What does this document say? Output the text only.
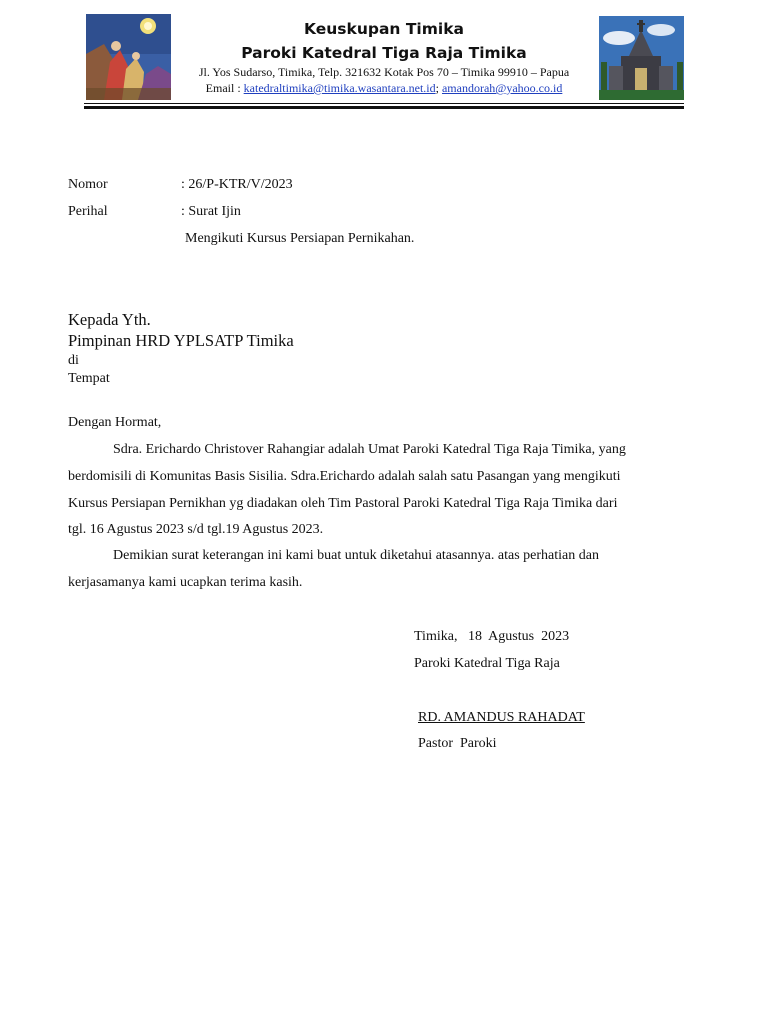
Keuskupan Timika
Paroki Katedral Tiga Raja Timika
Jl. Yos Sudarso, Timika, Telp. 321632 Kotak Pos 70 – Timika 99910 – Papua
Email : katedraltimika@timika.wasantara.net.id; amandorah@yahoo.co.id
Nomor	: 26/P-KTR/V/2023
Perihal	: Surat Ijin
Mengikuti Kursus Persiapan Pernikahan.
Kepada Yth.
Pimpinan HRD YPLSATP Timika
di
Tempat
Dengan Hormat,
Sdra. Erichardo Christover Rahangiar adalah Umat Paroki Katedral Tiga Raja Timika, yang
berdomisili di Komunitas Basis Sisilia. Sdra.Erichardo adalah salah satu Pasangan yang mengikuti
Kursus Persiapan Pernikhan yg diadakan oleh Tim Pastoral Paroki Katedral Tiga Raja Timika dari
tgl. 16 Agustus 2023 s/d tgl.19 Agustus 2023.
Demikian surat keterangan ini kami buat untuk diketahui atasannya. atas perhatian dan
kerjasamanya kami ucapkan terima kasih.
Timika,   18  Agustus  2023
Paroki Katedral Tiga Raja
RD. AMANDUS RAHADAT
Pastor  Paroki
